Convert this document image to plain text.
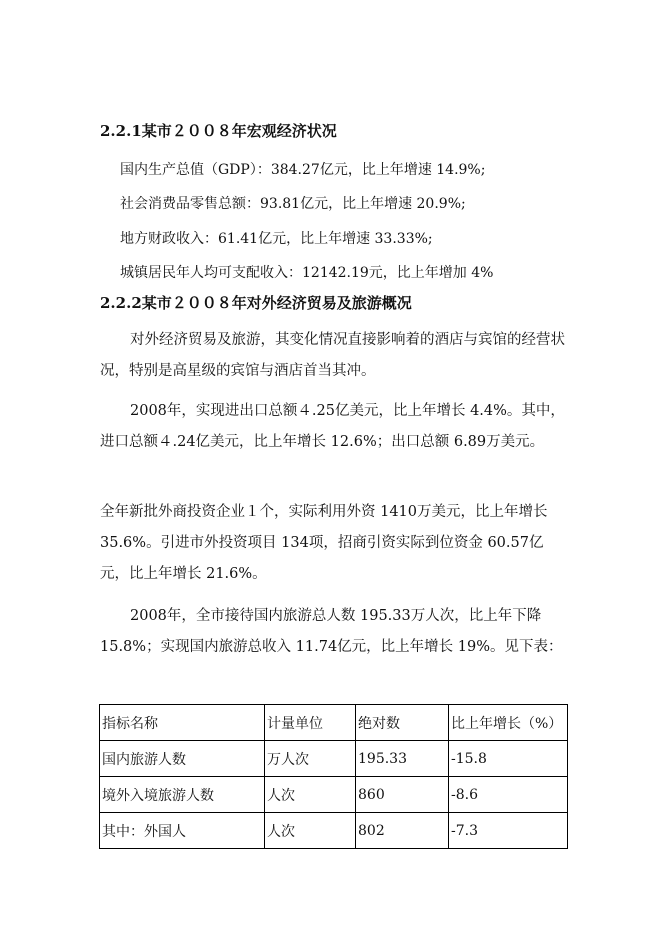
2.2.1某市２００８年宏观经济状况
国内生产总值（GDP）：384.27亿元，比上年增速 14.9%;
社会消费品零售总额：93.81亿元，比上年增速 20.9%;
地方财政收入：61.41亿元，比上年增速 33.33%;
城镇居民年人均可支配收入：12142.19元，比上年增加 4%
2.2.2某市２００８年对外经济贸易及旅游概况
对外经济贸易及旅游，其变化情况直接影响着的酒店与宾馆的经营状况，特别是高星级的宾馆与酒店首当其冲。
2008年，实现进出口总额４.25亿美元，比上年增长 4.4%。其中，进口总额４.24亿美元，比上年增长 12.6%；出口总额 6.89万美元。
全年新批外商投资企业１个，实际利用外资 1410万美元，比上年增长 35.6%。引进市外投资项目 134项，招商引资实际到位资金 60.57亿元，比上年增长 21.6%。
2008年，全市接待国内旅游总人数 195.33万人次，比上年下降 15.8%；实现国内旅游总收入 11.74亿元，比上年增长 19%。见下表：
指标名称	计量单位	绝对数	比上年增长（%）
国内旅游人数	万人次	195.33	-15.8
境外入境旅游人数	人次	860	-8.6
其中：外国人	人次	802	-7.3
